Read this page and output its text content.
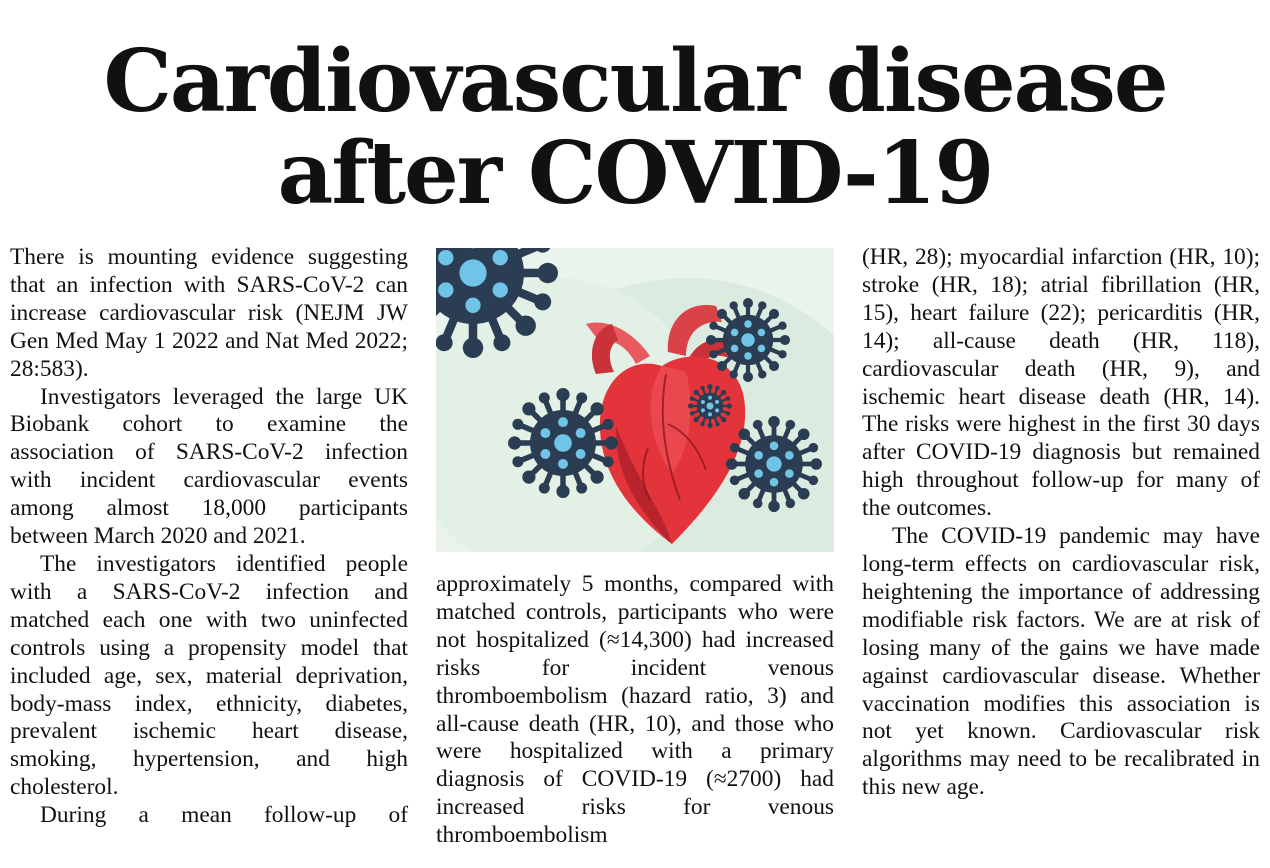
Cardiovascular disease
after COVID-19

There is mounting evidence suggesting that an infection with SARS-CoV-2 can increase cardiovascular risk (NEJM JW Gen Med May 1 2022 and Nat Med 2022; 28:583).

Investigators leveraged the large UK Biobank cohort to examine the association of SARS-CoV-2 infection with incident cardiovascular events among almost 18,000 participants between March 2020 and 2021.

The investigators identified people with a SARS-CoV-2 infection and matched each one with two uninfected controls using a propensity model that included age, sex, material deprivation, body-mass index, ethnicity, diabetes, prevalent ischemic heart disease, smoking, hypertension, and high cholesterol.

During a mean follow-up of

approximately 5 months, compared with matched controls, participants who were not hospitalized (≈14,300) had increased risks for incident venous thromboembolism (hazard ratio, 3) and all-cause death (HR, 10), and those who were hospitalized with a primary diagnosis of COVID-19 (≈2700) had increased risks for venous thromboembolism

(HR, 28); myocardial infarction (HR, 10); stroke (HR, 18); atrial fibrillation (HR, 15), heart failure (22); pericarditis (HR, 14); all-cause death (HR, 118), cardiovascular death (HR, 9), and ischemic heart disease death (HR, 14). The risks were highest in the first 30 days after COVID-19 diagnosis but remained high throughout follow-up for many of the outcomes.

The COVID-19 pandemic may have long-term effects on cardiovascular risk, heightening the importance of addressing modifiable risk factors. We are at risk of losing many of the gains we have made against cardiovascular disease. Whether vaccination modifies this association is not yet known. Cardiovascular risk algorithms may need to be recalibrated in this new age.
